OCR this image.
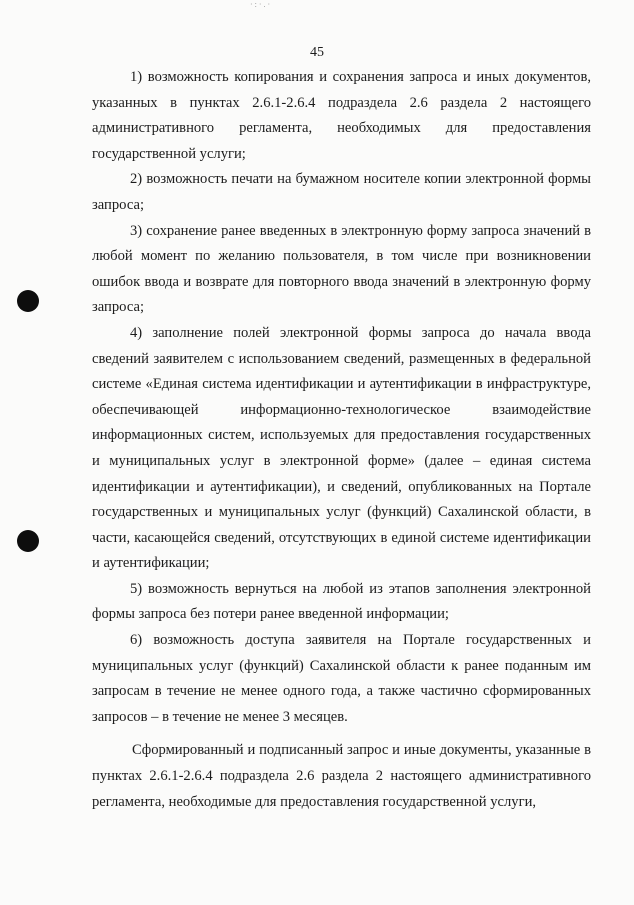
·:·.·
45

1) возможность копирования и сохранения запроса и иных документов, указанных в пунктах 2.6.1-2.6.4 подраздела 2.6 раздела 2 настоящего административного регламента, необходимых для предоставления государственной услуги;

2) возможность печати на бумажном носителе копии электронной формы запроса;

3) сохранение ранее введенных в электронную форму запроса значений в любой момент по желанию пользователя, в том числе при возникновении ошибок ввода и возврате для повторного ввода значений в электронную форму запроса;

4) заполнение полей электронной формы запроса до начала ввода сведений заявителем с использованием сведений, размещенных в федеральной системе «Единая система идентификации и аутентификации в инфраструктуре, обеспечивающей информационно-технологическое взаимодействие информационных систем, используемых для предоставления государственных и муниципальных услуг в электронной форме» (далее – единая система идентификации и аутентификации), и сведений, опубликованных на Портале государственных и муниципальных услуг (функций) Сахалинской области, в части, касающейся сведений, отсутствующих в единой системе идентификации и аутентификации;

5) возможность вернуться на любой из этапов заполнения электронной формы запроса без потери ранее введенной информации;

6) возможность доступа заявителя на Портале государственных и муниципальных услуг (функций) Сахалинской области к ранее поданным им запросам в течение не менее одного года, а также частично сформированных запросов – в течение не менее 3 месяцев.

Сформированный и подписанный запрос и иные документы, указанные в пунктах 2.6.1-2.6.4 подраздела 2.6 раздела 2 настоящего административного регламента, необходимые для предоставления государственной услуги,
